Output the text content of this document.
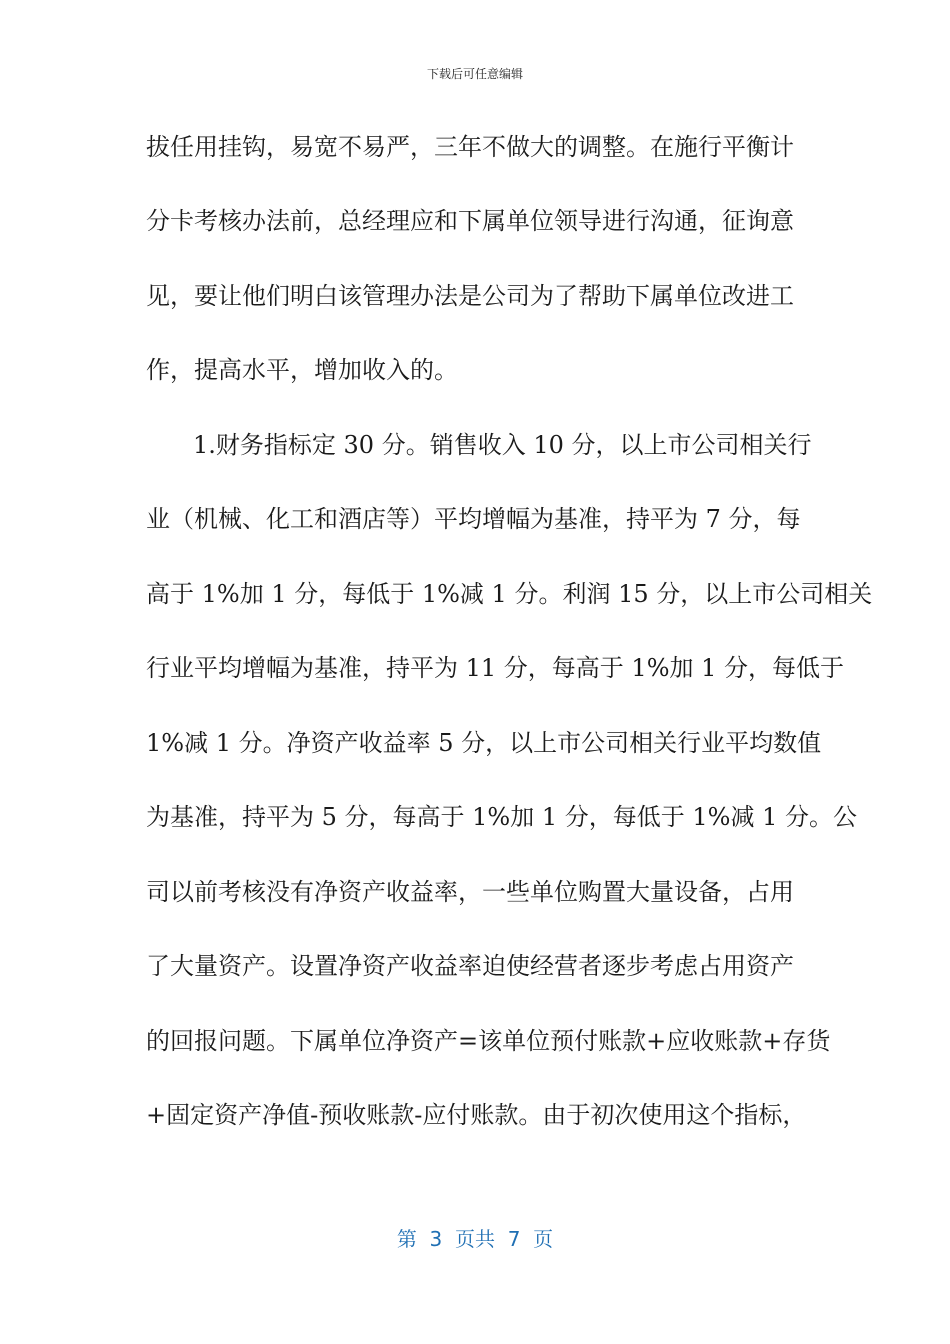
下载后可任意编辑
拔任用挂钩，易宽不易严，三年不做大的调整。在施行平衡计
分卡考核办法前，总经理应和下属单位领导进行沟通，征询意
见，要让他们明白该管理办法是公司为了帮助下属单位改进工
作，提高水平，增加收入的。
1.财务指标定 30 分。销售收入 10 分，以上市公司相关行
业（机械、化工和酒店等）平均增幅为基准，持平为 7 分，每
高于 1%加 1 分，每低于 1%减 1 分。利润 15 分，以上市公司相关
行业平均增幅为基准，持平为 11 分，每高于 1%加 1 分，每低于
1%减 1 分。净资产收益率 5 分，以上市公司相关行业平均数值
为基准，持平为 5 分，每高于 1%加 1 分，每低于 1%减 1 分。公
司以前考核没有净资产收益率，一些单位购置大量设备，占用
了大量资产。设置净资产收益率迫使经营者逐步考虑占用资产
的回报问题。下属单位净资产=该单位预付账款+应收账款+存货
+固定资产净值-预收账款-应付账款。由于初次使用这个指标，
第  3  页共  7  页
